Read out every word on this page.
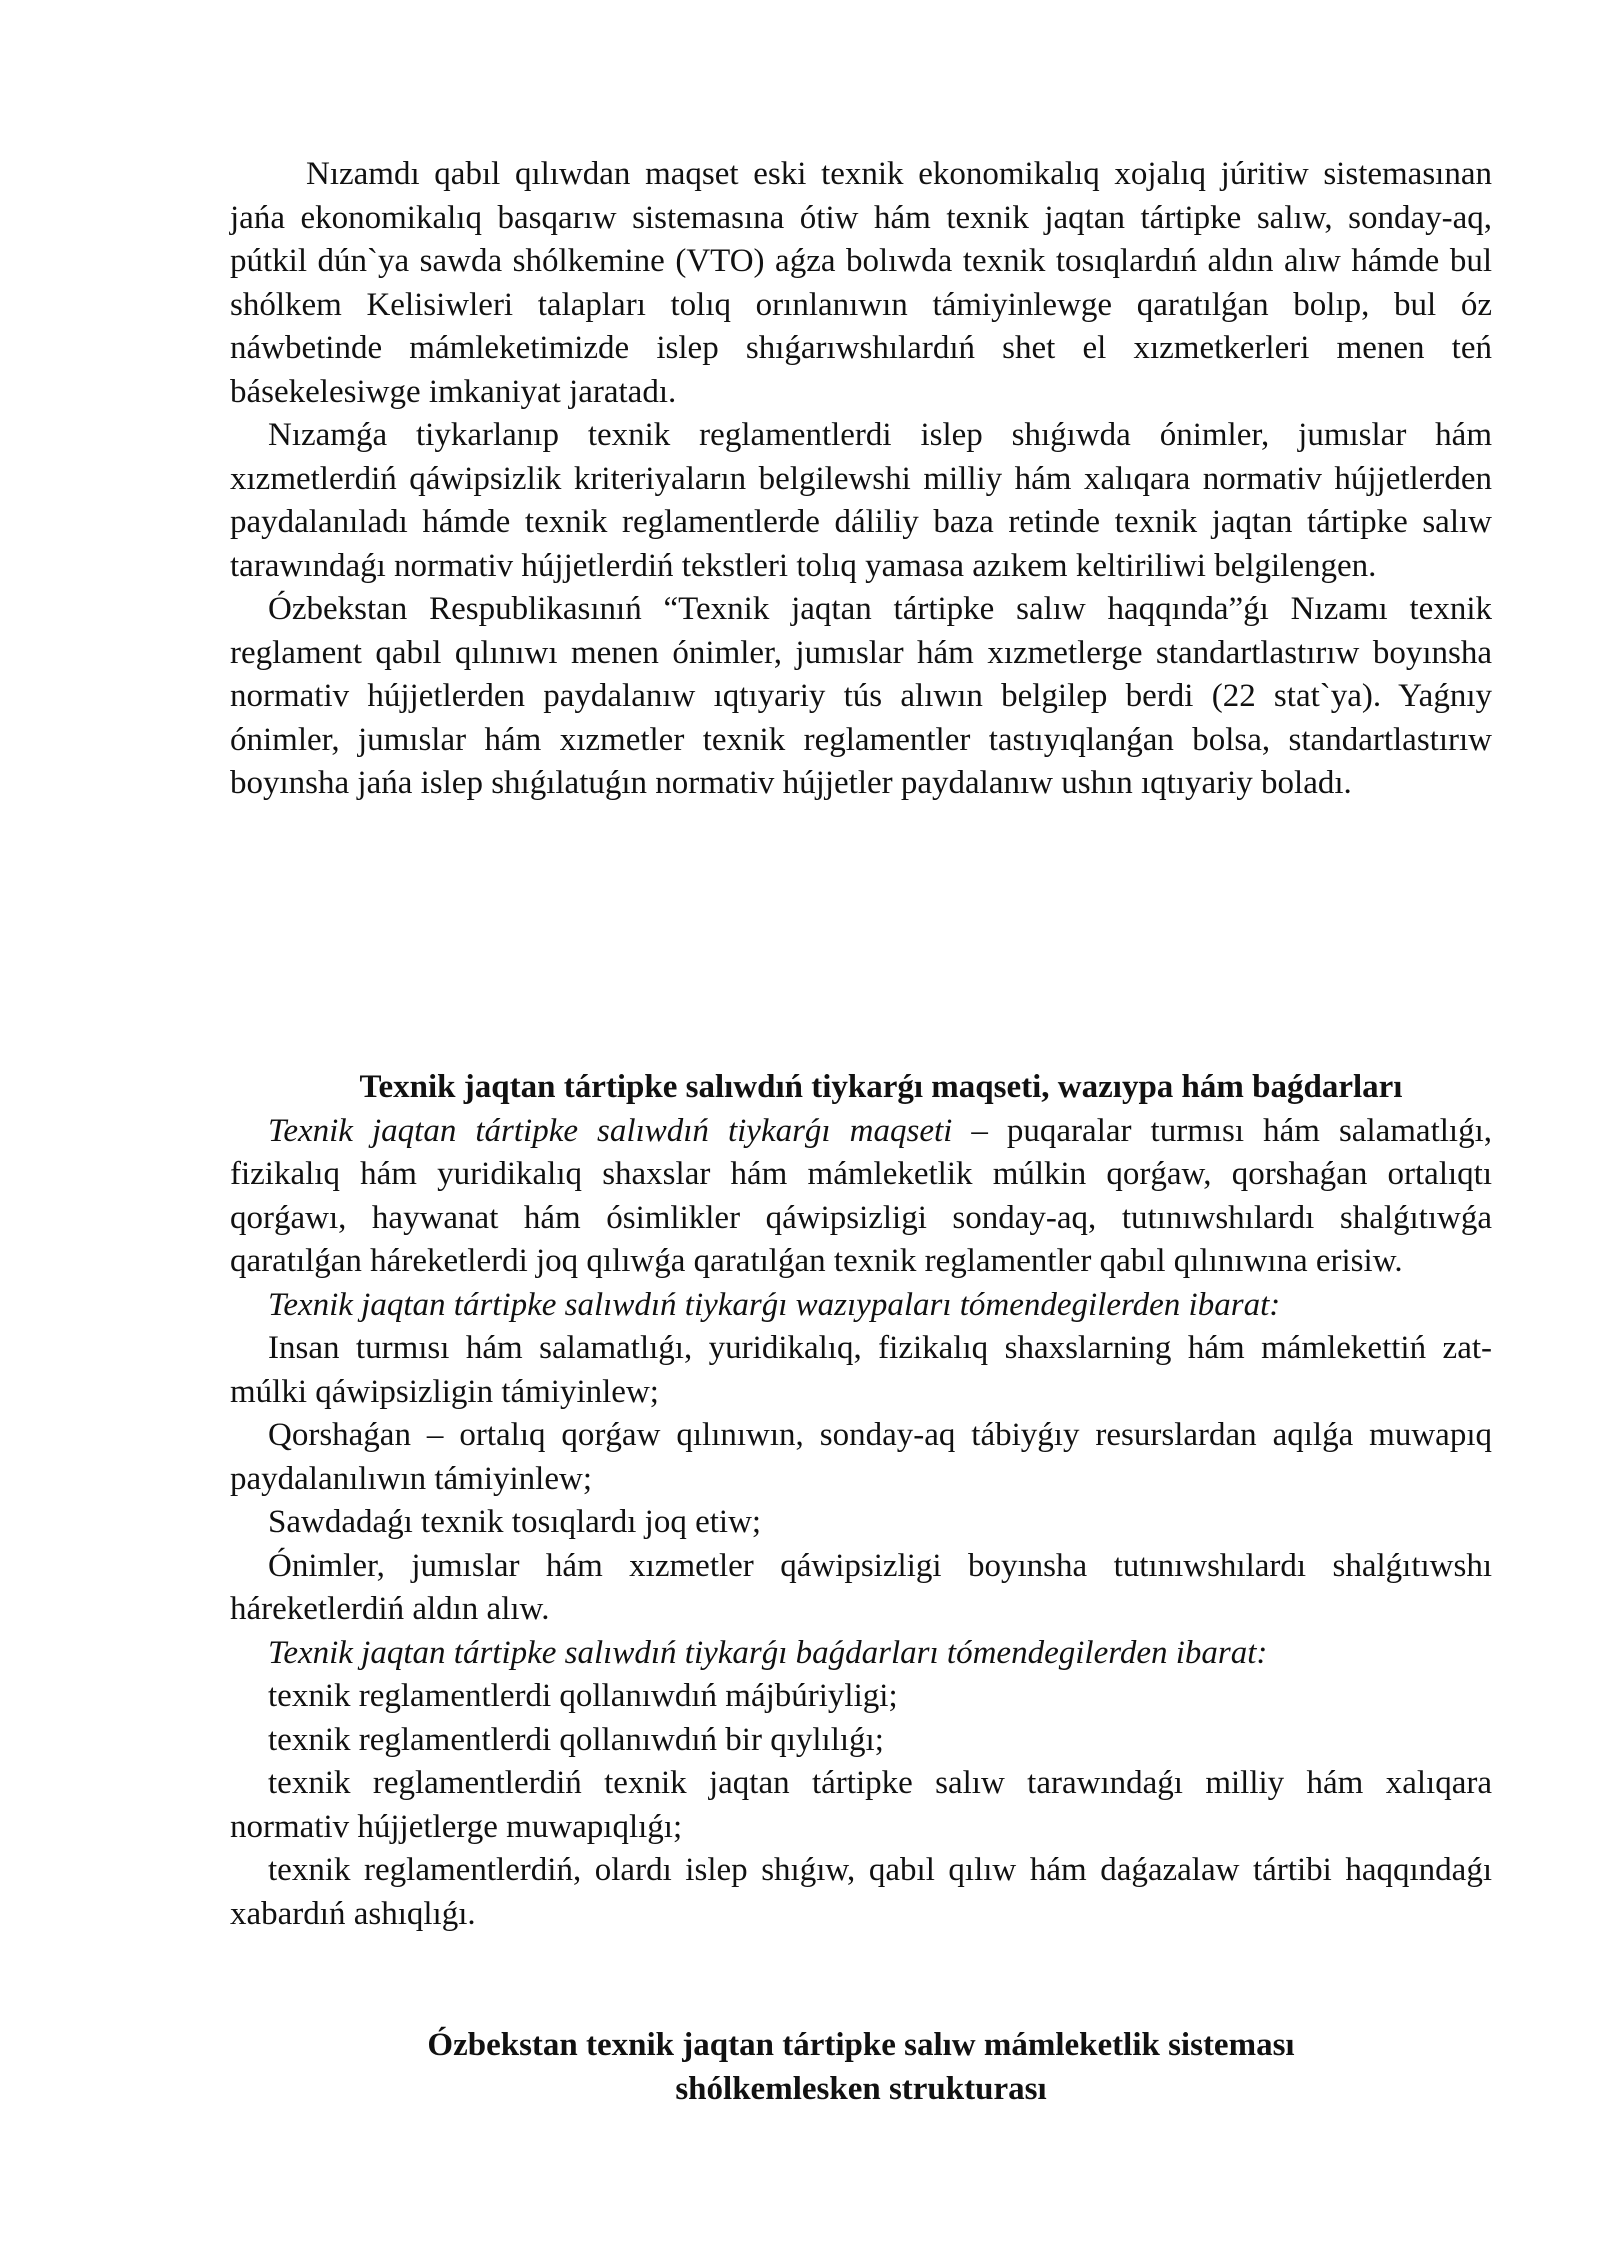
Nızamdı qabıl qılıwdan maqset eski texnik ekonomikalıq xojalıq júritiw sistemasınan jańa ekonomikalıq basqarıw sistemasına ótiw hám texnik jaqtan tártipke salıw, sonday-aq, pútkil dún`ya sawda shólkemine (VTO) aǵza bolıwda texnik tosıqlardıń aldın alıw hámde bul shólkem Kelisiwleri talapları tolıq orınlanıwın támiyinlewge qaratılǵan bolıp, bul óz náwbetinde mámleketimizde islep shıǵarıwshılardıń shet el xızmetkerleri menen teń básekelesiwge imkaniyat jaratadı.

Nızamǵa tiykarlanıp texnik reglamentlerdi islep shıǵıwda ónimler, jumıslar hám xızmetlerdiń qáwipsizlik kriteriyaların belgilewshi milliy hám xalıqara normativ hújjetlerden paydalanıladı hámde texnik reglamentlerde dáliliy baza retinde texnik jaqtan tártipke salıw tarawındaǵı normativ hújjetlerdiń tekstleri tolıq yamasa azıkem keltiriliwi belgilengen.

Ózbekstan Respublikasınıń “Texnik jaqtan tártipke salıw haqqında”ǵı Nızamı texnik reglament qabıl qılınıwı menen ónimler, jumıslar hám xızmetlerge standartlastırıw boyınsha normativ hújjetlerden paydalanıw ıqtıyariy tús alıwın belgilep berdi (22 stat`ya). Yaǵnıy ónimler, jumıslar hám xızmetler texnik reglamentler tastıyıqlanǵan bolsa, standartlastırıw boyınsha jańa islep shıǵılatuǵın normativ hújjetler paydalanıw ushın ıqtıyariy boladı.

Texnik jaqtan tártipke salıwdıń tiykarǵı maqseti, wazıypa hám baǵdarları

Texnik jaqtan tártipke salıwdıń tiykarǵı maqseti – puqaralar turmısı hám salamatlıǵı, fizikalıq hám yuridikalıq shaxslar hám mámleketlik múlkin qorǵaw, qorshaǵan ortalıqtı qorǵawı, haywanat hám ósimlikler qáwipsizligi sonday-aq, tutınıwshılardı shalǵıtıwǵa qaratılǵan háreketlerdi joq qılıwǵa qaratılǵan texnik reglamentler qabıl qılınıwına erisiw.

Texnik jaqtan tártipke salıwdıń tiykarǵı wazıypaları tómendegilerden ibarat:

Insan turmısı hám salamatlıǵı, yuridikalıq, fizikalıq shaxslarning hám mámlekettiń zat-múlki qáwipsizligin támiyinlew;

Qorshaǵan – ortalıq qorǵaw qılınıwın, sonday-aq tábiyǵıy resurslardan aqılǵa muwapıq paydalanılıwın támiyinlew;

Sawdadaǵı texnik tosıqlardı joq etiw;

Ónimler, jumıslar hám xızmetler qáwipsizligi boyınsha tutınıwshılardı shalǵıtıwshı háreketlerdiń aldın alıw.

Texnik jaqtan tártipke salıwdıń tiykarǵı baǵdarları tómendegilerden ibarat:

texnik reglamentlerdi qollanıwdıń májbúriyligi;

texnik reglamentlerdi qollanıwdıń bir qıylılıǵı;

texnik reglamentlerdiń texnik jaqtan tártipke salıw tarawındaǵı milliy hám xalıqara normativ hújjetlerge muwapıqlıǵı;

texnik reglamentlerdiń, olardı islep shıǵıw, qabıl qılıw hám daǵazalaw tártibi haqqındaǵı xabardıń ashıqlıǵı.

Ózbekstan texnik jaqtan tártipke salıw mámleketlik sisteması

shólkemlesken strukturası
